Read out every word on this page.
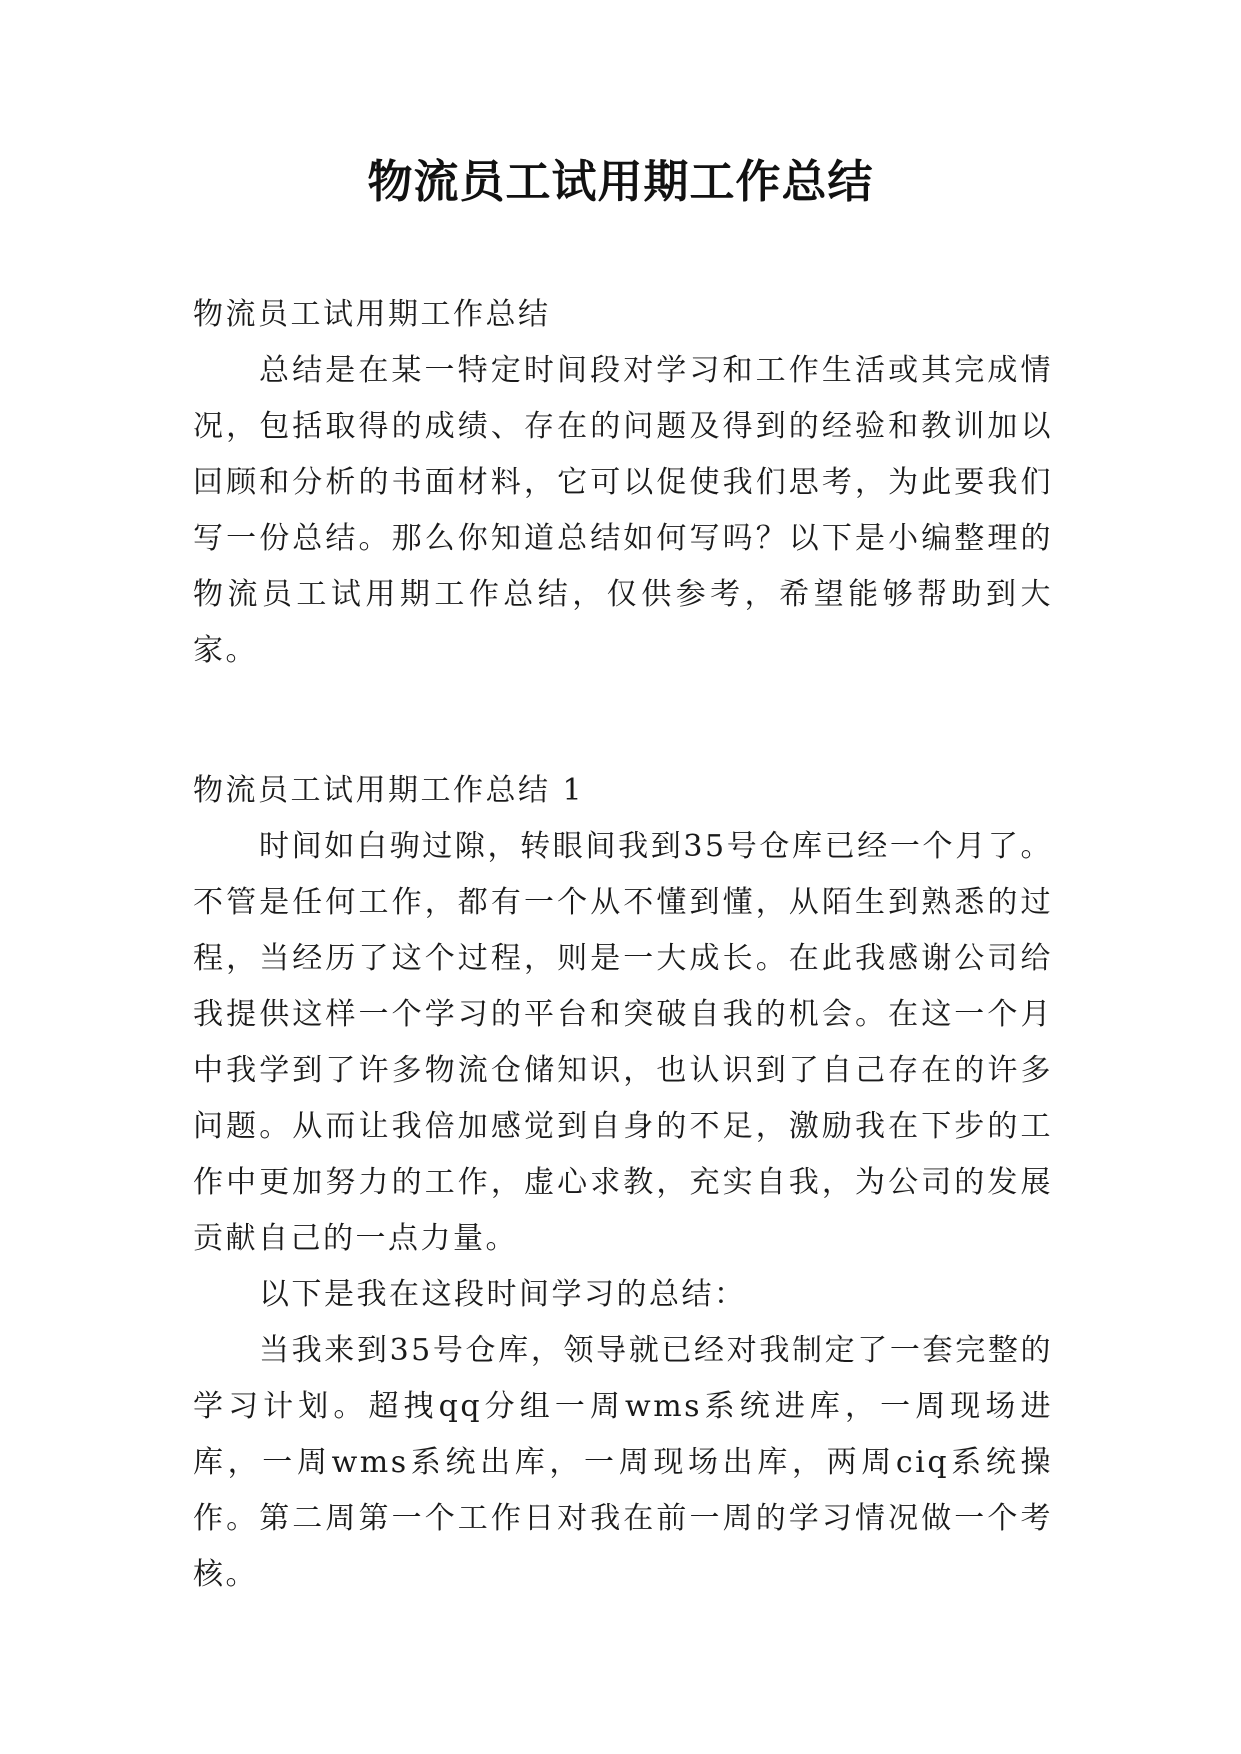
物流员工试用期工作总结

物流员工试用期工作总结

总结是在某一特定时间段对学习和工作生活或其完成情况，包括取得的成绩、存在的问题及得到的经验和教训加以回顾和分析的书面材料，它可以促使我们思考，为此要我们写一份总结。那么你知道总结如何写吗？以下是小编整理的物流员工试用期工作总结，仅供参考，希望能够帮助到大家。

物流员工试用期工作总结 1

时间如白驹过隙，转眼间我到35号仓库已经一个月了。不管是任何工作，都有一个从不懂到懂，从陌生到熟悉的过程，当经历了这个过程，则是一大成长。在此我感谢公司给我提供这样一个学习的平台和突破自我的机会。在这一个月中我学到了许多物流仓储知识，也认识到了自己存在的许多问题。从而让我倍加感觉到自身的不足，激励我在下步的工作中更加努力的工作，虚心求教，充实自我，为公司的发展贡献自己的一点力量。

以下是我在这段时间学习的总结：

当我来到35号仓库，领导就已经对我制定了一套完整的学习计划。超拽qq分组一周wms系统进库，一周现场进库，一周wms系统出库，一周现场出库，两周ciq系统操作。第二周第一个工作日对我在前一周的学习情况做一个考核。
